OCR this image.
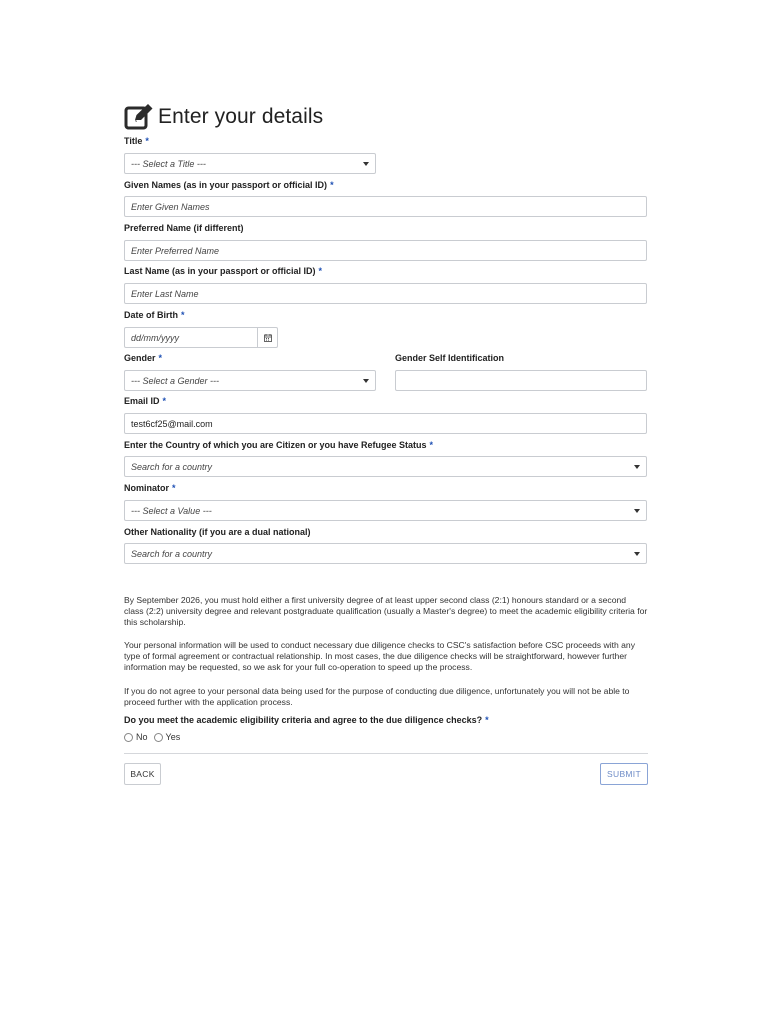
Enter your details
Title *
--- Select a Title ---
Given Names (as in your passport or official ID) *
Enter Given Names
Preferred Name (if different)
Enter Preferred Name
Last Name (as in your passport or official ID) *
Enter Last Name
Date of Birth *
dd/mm/yyyy
Gender *
--- Select a Gender ---
Gender Self Identification
Email ID *
test6cf25@mail.com
Enter the Country of which you are Citizen or you have Refugee Status *
Search for a country
Nominator *
--- Select a Value ---
Other Nationality (if you are a dual national)
Search for a country
By September 2026, you must hold either a first university degree of at least upper second class (2:1) honours standard or a second class (2:2) university degree and relevant postgraduate qualification (usually a Master's degree) to meet the academic eligibility criteria for this scholarship.
Your personal information will be used to conduct necessary due diligence checks to CSC's satisfaction before CSC proceeds with any type of formal agreement or contractual relationship. In most cases, the due diligence checks will be straightforward, however further information may be requested, so we ask for your full co-operation to speed up the process.
If you do not agree to your personal data being used for the purpose of conducting due diligence, unfortunately you will not be able to proceed further with the application process.
Do you meet the academic eligibility criteria and agree to the due diligence checks? *
No Yes
BACK	SUBMIT
